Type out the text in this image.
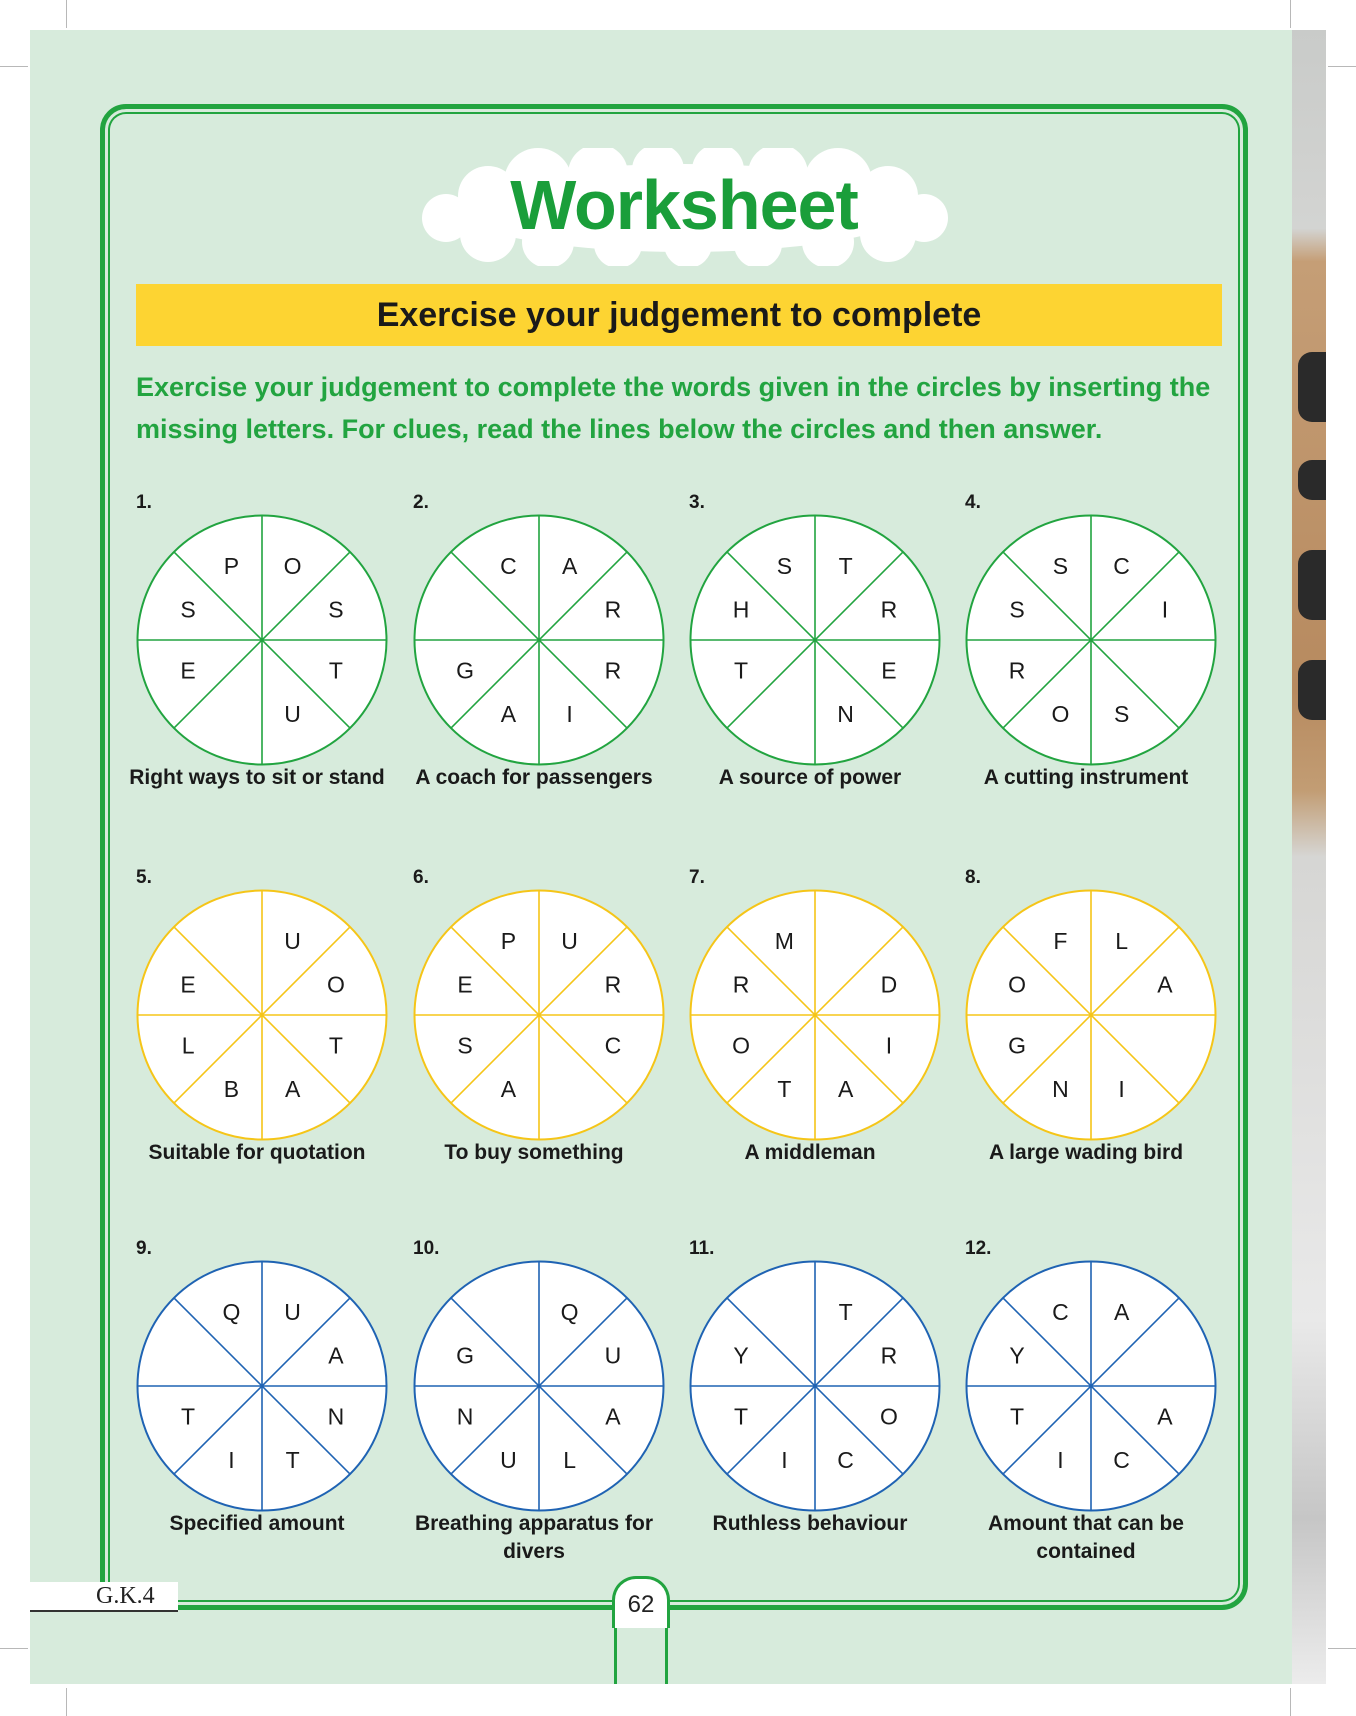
Worksheet
Exercise your judgement to complete
Exercise your judgement to complete the words given in the circles by inserting the missing letters. For clues, read the lines below the circles and then answer.
1.
O
S
T
U
E
S
P
Right ways to sit or stand
2.
A
R
R
I
A
G
C
A coach for passengers
3.
T
R
E
N
T
H
S
A source of power
4.
C
I
S
O
R
S
S
A cutting instrument
5.
U
O
T
A
B
L
E
Suitable for quotation
6.
U
R
C
A
S
E
P
To buy something
7.
D
I
A
T
O
R
M
A middleman
8.
L
A
I
N
G
O
F
A large wading bird
9.
U
A
N
T
I
T
Q
Specified amount
10.
Q
U
A
L
U
N
G
Breathing apparatus for divers
11.
T
R
O
C
I
T
Y
Ruthless behaviour
12.
A
A
C
I
T
Y
C
Amount that can be contained
G.K.4	62
